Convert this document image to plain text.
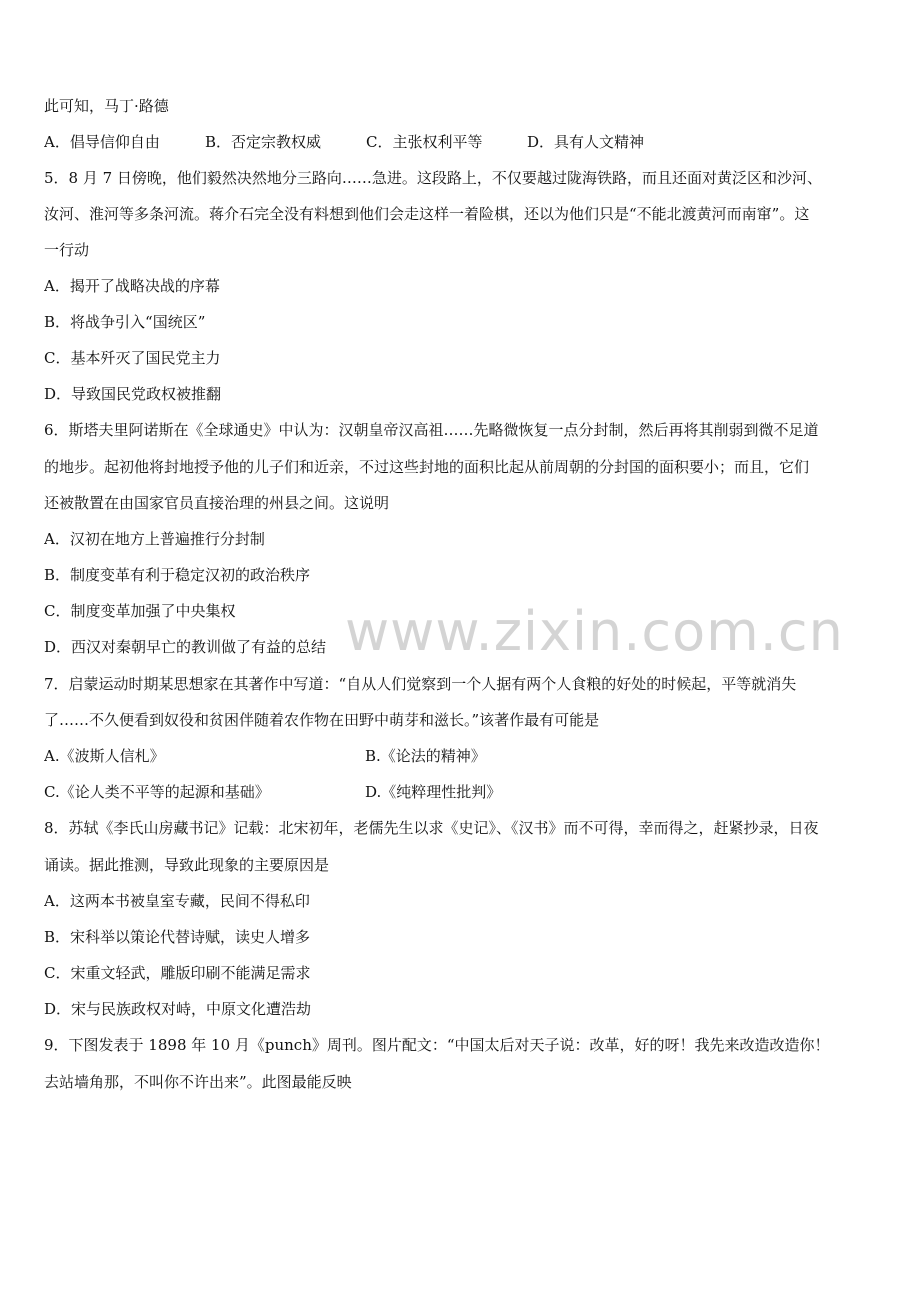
www.zixin.com.cn
此可知，马丁·路德
A．倡导信仰自由	B．否定宗教权威	C．主张权利平等	D．具有人文精神
5．8 月 7 日傍晚，他们毅然决然地分三路向……急进。这段路上，不仅要越过陇海铁路，而且还面对黄泛区和沙河、
汝河、淮河等多条河流。蒋介石完全没有料想到他们会走这样一着险棋，还以为他们只是“不能北渡黄河而南窜”。这
一行动
A．揭开了战略决战的序幕
B．将战争引入“国统区”
C．基本歼灭了国民党主力
D．导致国民党政权被推翻
6．斯塔夫里阿诺斯在《全球通史》中认为：汉朝皇帝汉高祖……先略微恢复一点分封制，然后再将其削弱到微不足道
的地步。起初他将封地授予他的儿子们和近亲，不过这些封地的面积比起从前周朝的分封国的面积要小；而且，它们
还被散置在由国家官员直接治理的州县之间。这说明
A．汉初在地方上普遍推行分封制
B．制度变革有利于稳定汉初的政治秩序
C．制度变革加强了中央集权
D．西汉对秦朝早亡的教训做了有益的总结
7．启蒙运动时期某思想家在其著作中写道：“自从人们觉察到一个人据有两个人食粮的好处的时候起，平等就消失
了……不久便看到奴役和贫困伴随着农作物在田野中萌芽和滋长。”该著作最有可能是
A.《波斯人信札》	B.《论法的精神》
C.《论人类不平等的起源和基础》	D.《纯粹理性批判》
8．苏轼《李氏山房藏书记》记载：北宋初年，老儒先生以求《史记》、《汉书》而不可得，幸而得之，赶紧抄录，日夜
诵读。据此推测，导致此现象的主要原因是
A．这两本书被皇室专藏，民间不得私印
B．宋科举以策论代替诗赋，读史人增多
C．宋重文轻武，雕版印刷不能满足需求
D．宋与民族政权对峙，中原文化遭浩劫
9．下图发表于 1898 年 10 月《punch》周刊。图片配文：“中国太后对天子说：改革，好的呀！我先来改造改造你！
去站墙角那，不叫你不许出来”。此图最能反映
